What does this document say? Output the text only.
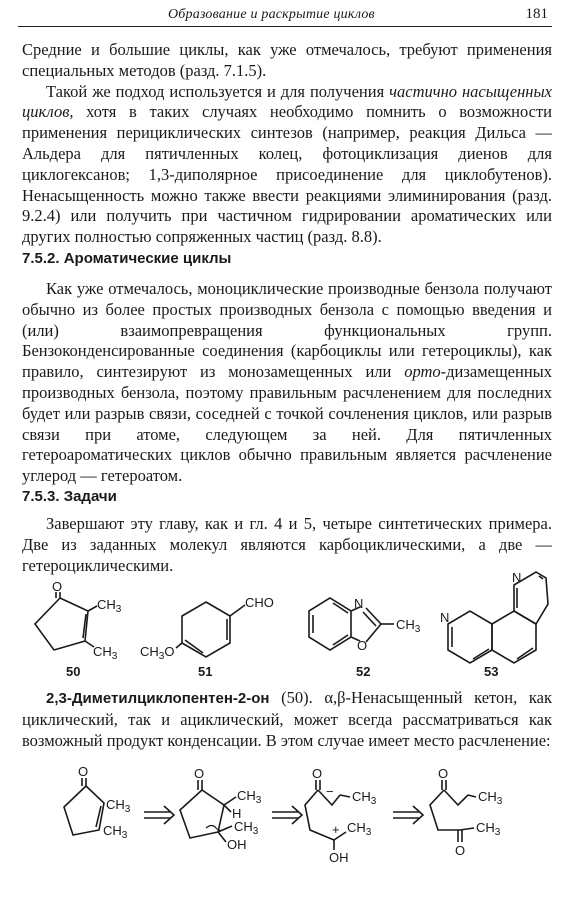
Образование и раскрытие циклов	181

Средние и большие циклы, как уже отмечалось, требуют применения специальных методов (разд. 7.1.5).

Такой же подход используется и для получения частично насыщенных циклов, хотя в таких случаях необходимо помнить о возможности применения перициклических синтезов (например, реакция Дильса — Альдера для пятичленных колец, фотоциклизация диенов для циклогексанов; 1,3-диполярное присоединение для циклобутенов). Ненасыщенность можно также ввести реакциями элиминирования (разд. 9.2.4) или получить при частичном гидрировании ароматических или других полностью сопряженных частиц (разд. 8.8).

7.5.2. Ароматические циклы

Как уже отмечалось, моноциклические производные бензола получают обычно из более простых производных бензола с помощью введения и (или) взаимопревращения функциональных групп. Бензоконденсированные соединения (карбоциклы или гетероциклы), как правило, синтезируют из монозамещенных или орто-дизамещенных производных бензола, поэтому правильным расчленением для последних будет или разрыв связи, соседней с точкой сочленения циклов, или разрыв связи при атоме, следующем за ней. Для пятичленных гетероароматических циклов обычно правильным является расчленение углерод — гетероатом.

7.5.3. Задачи

Завершают эту главу, как и гл. 4 и 5, четыре синтетических примера. Две из заданных молекул являются карбоциклическими, а две — гетероциклическими.

O
$CH_3$
$CH_3$
50
CHO
$CH_3O$
51
N
O
$CH_3$
52
N
N
53

2,3-Диметилциклопентен-2-он (50). α,β-Ненасыщенный кетон, как циклический, так и ациклический, может всегда рассматриваться как возможный продукт конденсации. В этом случае имеет место расчленение:

O
$CH_3$
$CH_3$
O
$CH_3$
H
$CH_3$
OH
O
− $CH_3$
+ $CH_3$
OH
O
$CH_3$
$CH_3$
O
